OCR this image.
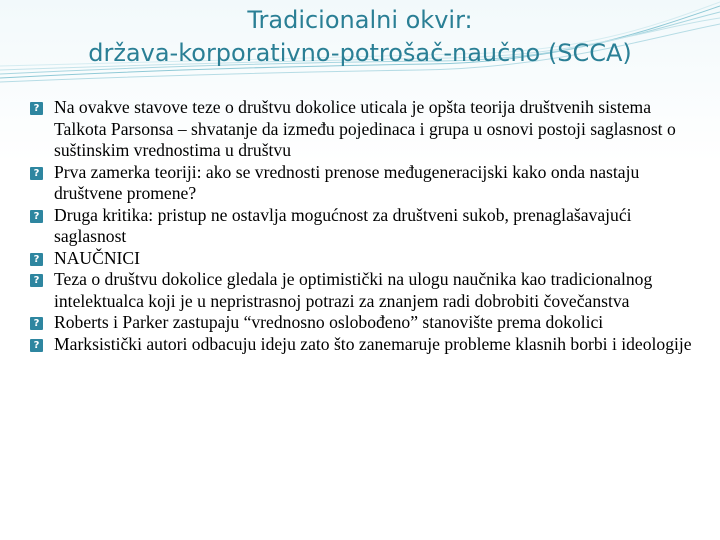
Tradicionalni okvir:
država-korporativno-potrošač-naučno (SCCA)
?
Na ovakve stavove teze o društvu dokolice uticala je opšta teorija društvenih sistema Talkota Parsonsa – shvatanje da između pojedinaca i grupa u osnovi postoji saglasnost o suštinskim vrednostima u društvu
?
Prva zamerka teoriji: ako se vrednosti prenose međugeneracijski kako onda nastaju društvene promene?
?
Druga kritika: pristup ne ostavlja mogućnost za društveni sukob, prenaglašavajući saglasnost
?
NAUČNICI
?
Teza o društvu dokolice gledala je optimistički na ulogu naučnika kao tradicionalnog intelektualca koji je u nepristrasnoj potrazi za znanjem radi dobrobiti čovečanstva
?
Roberts i Parker zastupaju “vrednosno oslobođeno” stanovište prema dokolici
?
Marksistički autori odbacuju ideju zato što zanemaruje probleme klasnih borbi i ideologije
